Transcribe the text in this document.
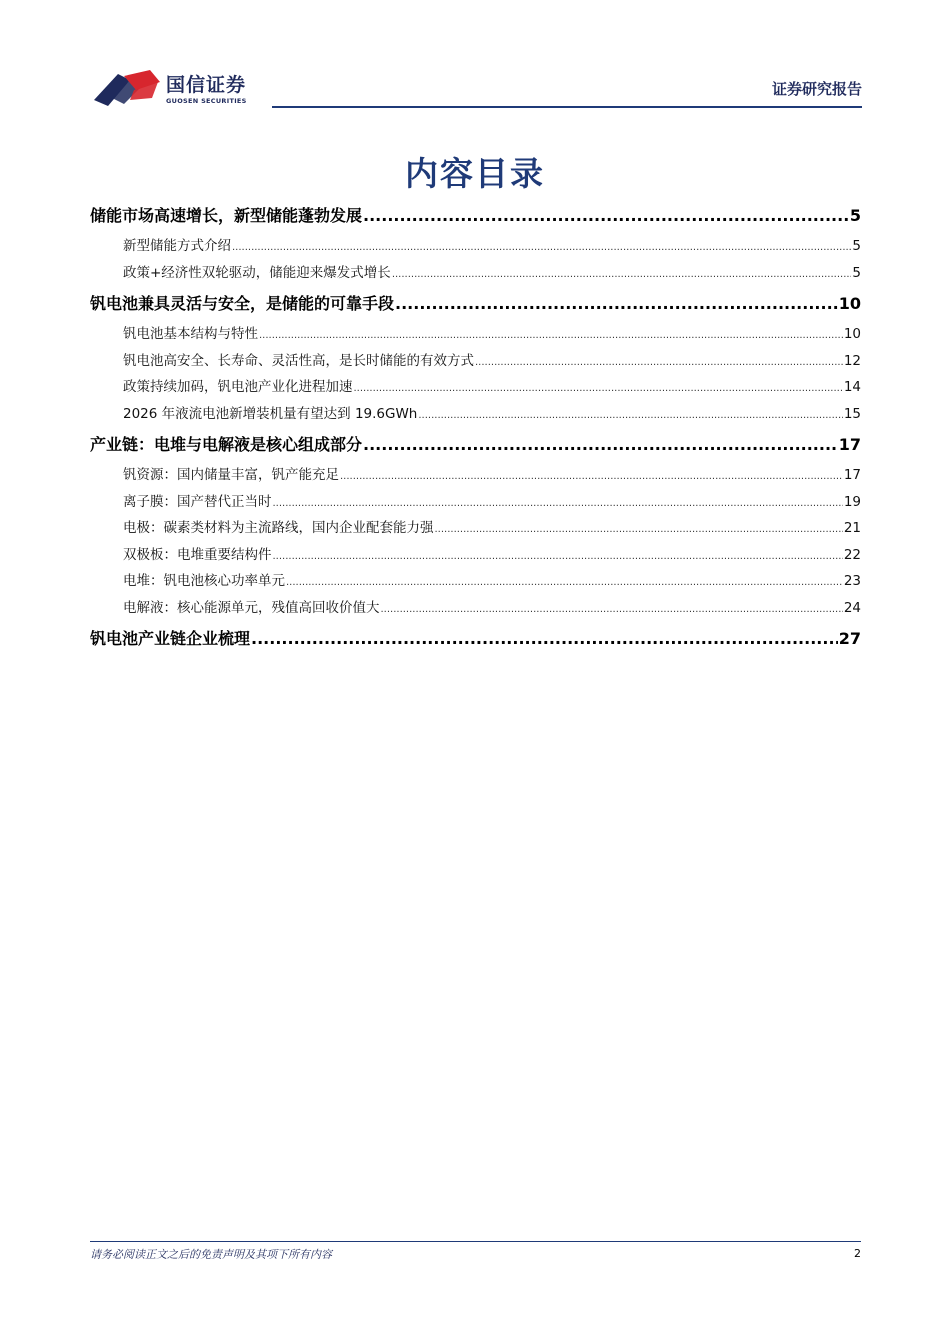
国信证券
GUOSEN SECURITIES
证券研究报告
内容目录
储能市场高速增长，新型储能蓬勃发展 .....	5
新型储能方式介绍 .....	5
政策+经济性双轮驱动，储能迎来爆发式增长 .....	5
钒电池兼具灵活与安全，是储能的可靠手段 .....	10
钒电池基本结构与特性 .....	10
钒电池高安全、长寿命、灵活性高，是长时储能的有效方式 .....	12
政策持续加码，钒电池产业化进程加速 .....	14
2026 年液流电池新增装机量有望达到 19.6GWh .....	15
产业链：电堆与电解液是核心组成部分 .....	17
钒资源：国内储量丰富，钒产能充足 .....	17
离子膜：国产替代正当时 .....	19
电极：碳素类材料为主流路线，国内企业配套能力强 .....	21
双极板：电堆重要结构件 .....	22
电堆：钒电池核心功率单元 .....	23
电解液：核心能源单元，残值高回收价值大 .....	24
钒电池产业链企业梳理 .....	27
请务必阅读正文之后的免责声明及其项下所有内容	2
